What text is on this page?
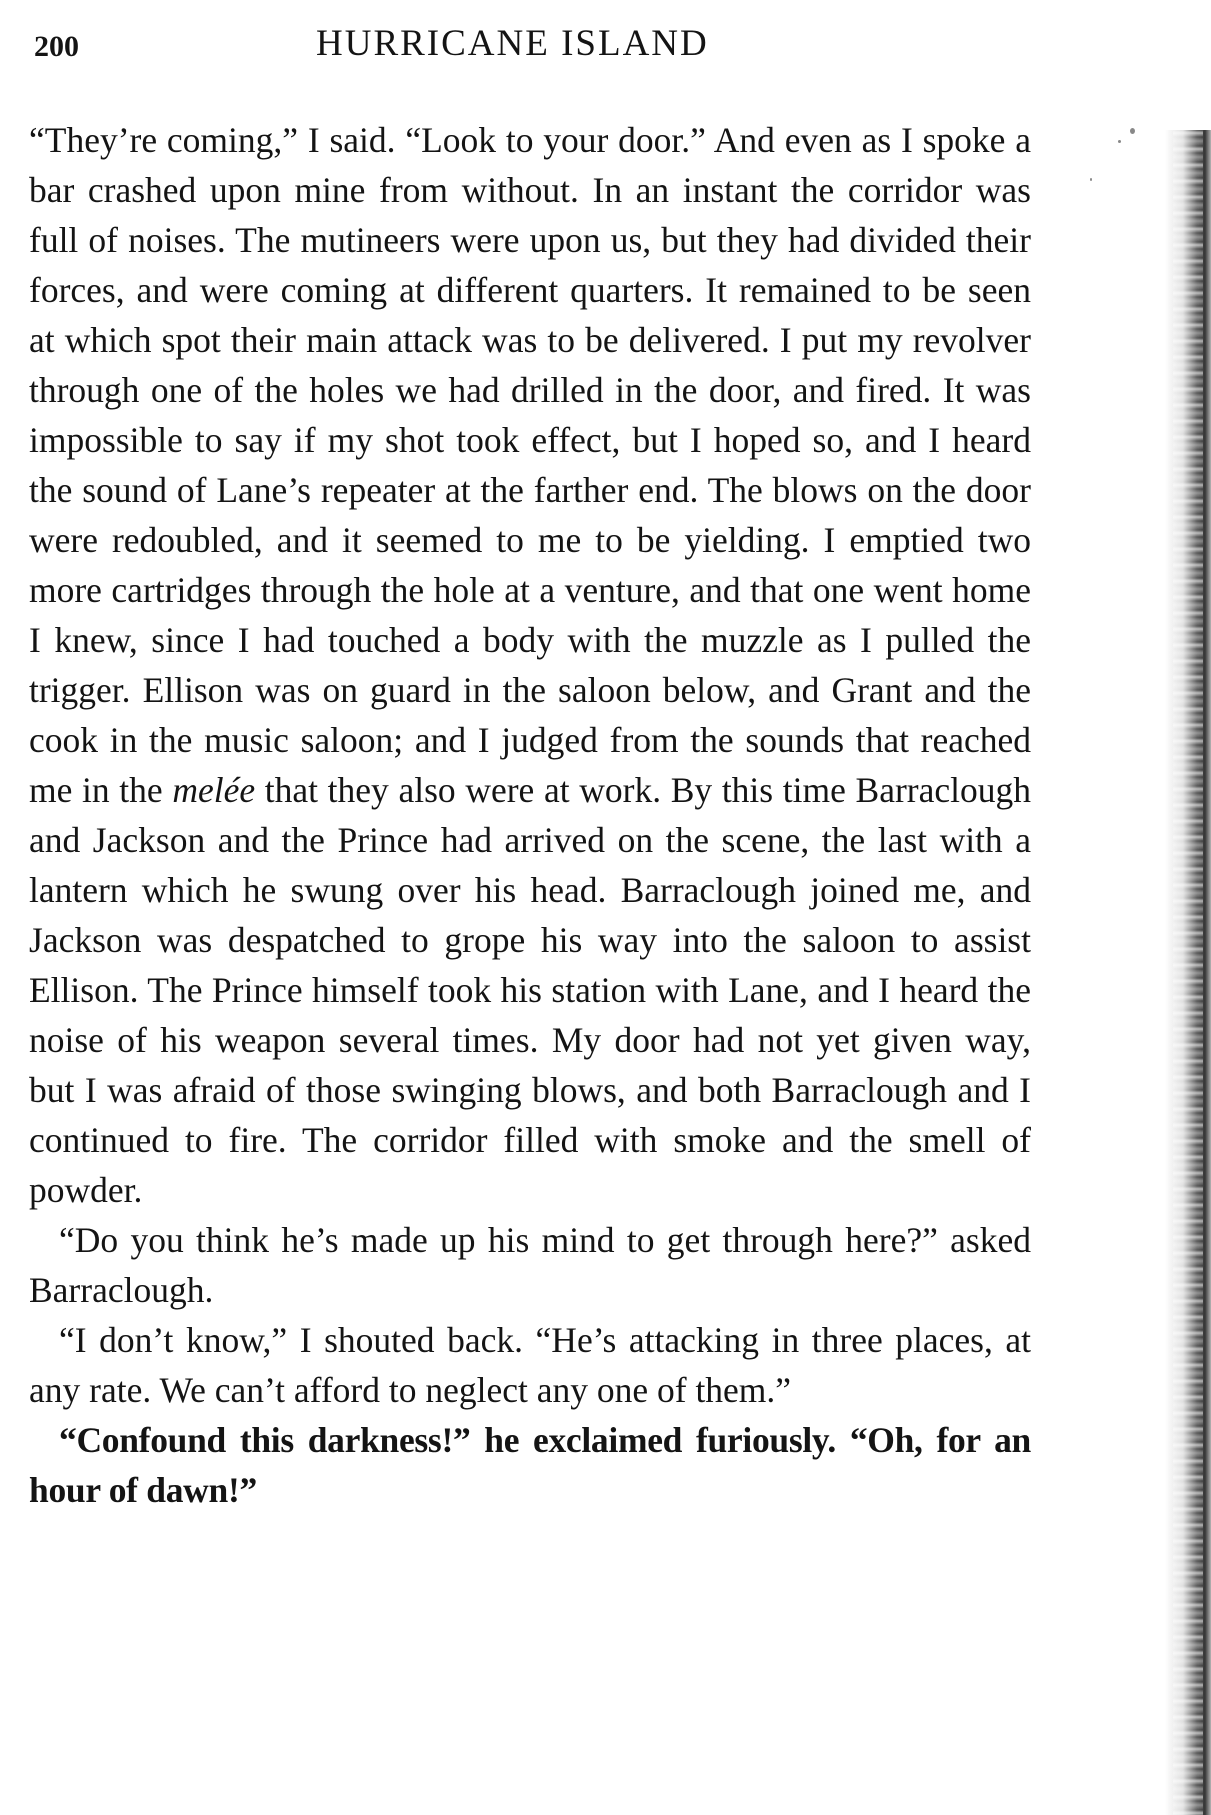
200	HURRICANE ISLAND

“They’re coming,” I said. “Look to your door.” And even as I spoke a bar crashed upon mine from without. In an instant the corridor was full of noises. The mutineers were upon us, but they had divided their forces, and were coming at different quarters. It remained to be seen at which spot their main attack was to be delivered. I put my revolver through one of the holes we had drilled in the door, and fired. It was impossible to say if my shot took effect, but I hoped so, and I heard the sound of Lane’s repeater at the farther end. The blows on the door were redoubled, and it seemed to me to be yielding. I emptied two more cartridges through the hole at a venture, and that one went home I knew, since I had touched a body with the muzzle as I pulled the trigger. Ellison was on guard in the saloon below, and Grant and the cook in the music saloon; and I judged from the sounds that reached me in the melée that they also were at work. By this time Barraclough and Jackson and the Prince had arrived on the scene, the last with a lantern which he swung over his head. Barraclough joined me, and Jackson was despatched to grope his way into the saloon to assist Ellison. The Prince himself took his station with Lane, and I heard the noise of his weapon several times. My door had not yet given way, but I was afraid of those swinging blows, and both Barraclough and I continued to fire. The corridor filled with smoke and the smell of powder.

“Do you think he’s made up his mind to get through here?” asked Barraclough.

“I don’t know,” I shouted back. “He’s attacking in three places, at any rate. We can’t afford to neglect any one of them.”

“Confound this darkness!” he exclaimed furiously. “Oh, for an hour of dawn!”
